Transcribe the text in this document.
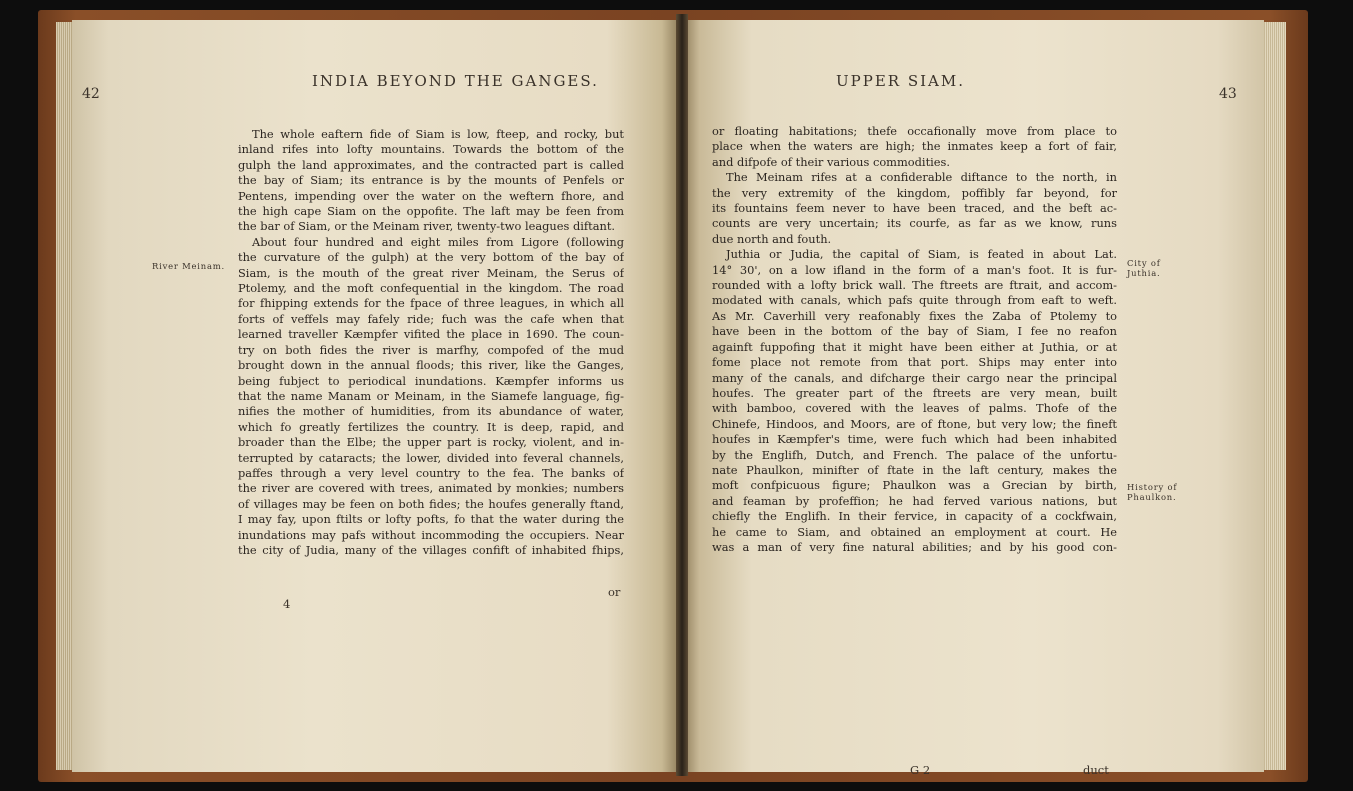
42
INDIA BEYOND THE GANGES.
River Meinam.
The whole eaftern fide of Siam is low, fteep, and rocky, but
inland rifes into lofty mountains. Towards the bottom of the
gulph the land approximates, and the contracted part is called
the bay of Siam; its entrance is by the mounts of Penfels or
Pentens, impending over the water on the weftern fhore, and
the high cape Siam on the oppofite. The laft may be feen from
the bar of Siam, or the Meinam river, twenty-two leagues diftant.
About four hundred and eight miles from Ligore (following
the curvature of the gulph) at the very bottom of the bay of
Siam, is the mouth of the great river Meinam, the Serus of
Ptolemy, and the moft confequential in the kingdom. The road
for fhipping extends for the fpace of three leagues, in which all
forts of veffels may fafely ride; fuch was the cafe when that
learned traveller Kæmpfer vifited the place in 1690. The coun-
try on both fides the river is marfhy, compofed of the mud
brought down in the annual floods; this river, like the Ganges,
being fubject to periodical inundations. Kæmpfer informs us
that the name Manam or Meinam, in the Siamefe language, fig-
nifies the mother of humidities, from its abundance of water,
which fo greatly fertilizes the country. It is deep, rapid, and
broader than the Elbe; the upper part is rocky, violent, and in-
terrupted by cataracts; the lower, divided into feveral channels,
paffes through a very level country to the fea. The banks of
the river are covered with trees, animated by monkies; numbers
of villages may be feen on both fides; the houfes generally ftand,
I may fay, upon ftilts or lofty pofts, fo that the water during the
inundations may pafs without incommoding the occupiers. Near
the city of Judia, many of the villages confift of inhabited fhips,
4
or
UPPER SIAM.
43
City of
Juthia.
History of
Phaulkon.
or floating habitations; thefe occafionally move from place to
place when the waters are high; the inmates keep a fort of fair,
and difpofe of their various commodities.
The Meinam rifes at a confiderable diftance to the north, in
the very extremity of the kingdom, poffibly far beyond, for
its fountains feem never to have been traced, and the beft ac-
counts are very uncertain; its courfe, as far as we know, runs
due north and fouth.
Juthia or Judia, the capital of Siam, is feated in about Lat.
14° 30', on a low ifland in the form of a man's foot. It is fur-
rounded with a lofty brick wall. The ftreets are ftrait, and accom-
modated with canals, which pafs quite through from eaft to weft.
As Mr. Caverhill very reafonably fixes the Zaba of Ptolemy to
have been in the bottom of the bay of Siam, I fee no reafon
againft fuppofing that it might have been either at Juthia, or at
fome place not remote from that port. Ships may enter into
many of the canals, and difcharge their cargo near the principal
houfes. The greater part of the ftreets are very mean, built
with bamboo, covered with the leaves of palms. Thofe of the
Chinefe, Hindoos, and Moors, are of ftone, but very low; the fineft
houfes in Kæmpfer's time, were fuch which had been inhabited
by the Englifh, Dutch, and French. The palace of the unfortu-
nate Phaulkon, minifter of ftate in the laft century, makes the
moft confpicuous figure; Phaulkon was a Grecian by birth,
and feaman by profeffion; he had ferved various nations, but
chiefly the Englifh. In their fervice, in capacity of a cockfwain,
he came to Siam, and obtained an employment at court. He
was a man of very fine natural abilities; and by his good con-
G 2	duct
